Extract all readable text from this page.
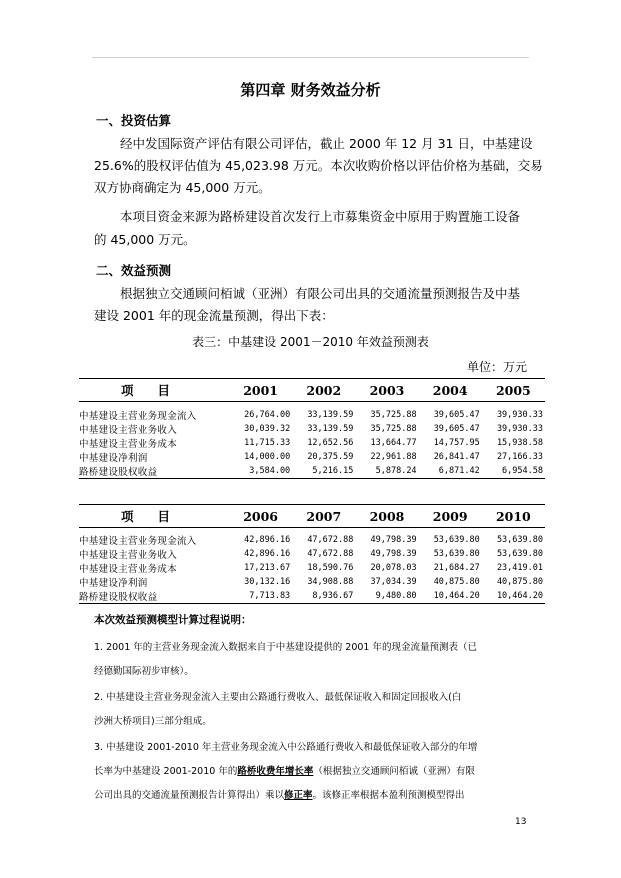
第四章 财务效益分析
一、投资估算
经中发国际资产评估有限公司评估，截止 2000 年 12 月 31 日，中基建设
25.6%的股权评估值为 45,023.98 万元。本次收购价格以评估价格为基础，交易
双方协商确定为 45,000 万元。
本项目资金来源为路桥建设首次发行上市募集资金中原用于购置施工设备
的 45,000 万元。
二、效益预测
根据独立交通顾问栢诚（亚洲）有限公司出具的交通流量预测报告及中基
建设 2001 年的现金流量预测，得出下表：
表三：中基建设 2001－2010 年效益预测表
单位：万元
项目	2001	2002	2003	2004	2005

中基建设主营业务现金流入	26,764.00	33,139.59	35,725.88	39,605.47	39,930.33
中基建设主营业务收入	30,039.32	33,139.59	35,725.88	39,605.47	39,930.33
中基建设主营业务成本	11,715.33	12,652.56	13,664.77	14,757.95	15,938.58
中基建设净利润	14,000.00	20,375.59	22,961.88	26,841.47	27,166.33
路桥建设股权收益	3,584.00	5,216.15	5,878.24	6,871.42	6,954.58
项目	2006	2007	2008	2009	2010

中基建设主营业务现金流入	42,896.16	47,672.88	49,798.39	53,639.80	53,639.80
中基建设主营业务收入	42,896.16	47,672.88	49,798.39	53,639.80	53,639.80
中基建设主营业务成本	17,213.67	18,590.76	20,078.03	21,684.27	23,419.01
中基建设净利润	30,132.16	34,908.88	37,034.39	40,875.80	40,875.80
路桥建设股权收益	7,713.83	8,936.67	9,480.80	10,464.20	10,464.20
本次效益预测模型计算过程说明：
1. 2001 年的主营业务现金流入数据来自于中基建设提供的 2001 年的现金流量预测表（已
经德勤国际初步审核）。
2. 中基建设主营业务现金流入主要由公路通行费收入、最低保证收入和固定回报收入(白
沙洲大桥项目)三部分组成。
3. 中基建设 2001-2010 年主营业务现金流入中公路通行费收入和最低保证收入部分的年增
长率为中基建设 2001-2010 年的路桥收费年增长率（根据独立交通顾问栢诚（亚洲）有限
公司出具的交通流量预测报告计算得出）乘以修正率。该修正率根据本盈利预测模型得出
13
